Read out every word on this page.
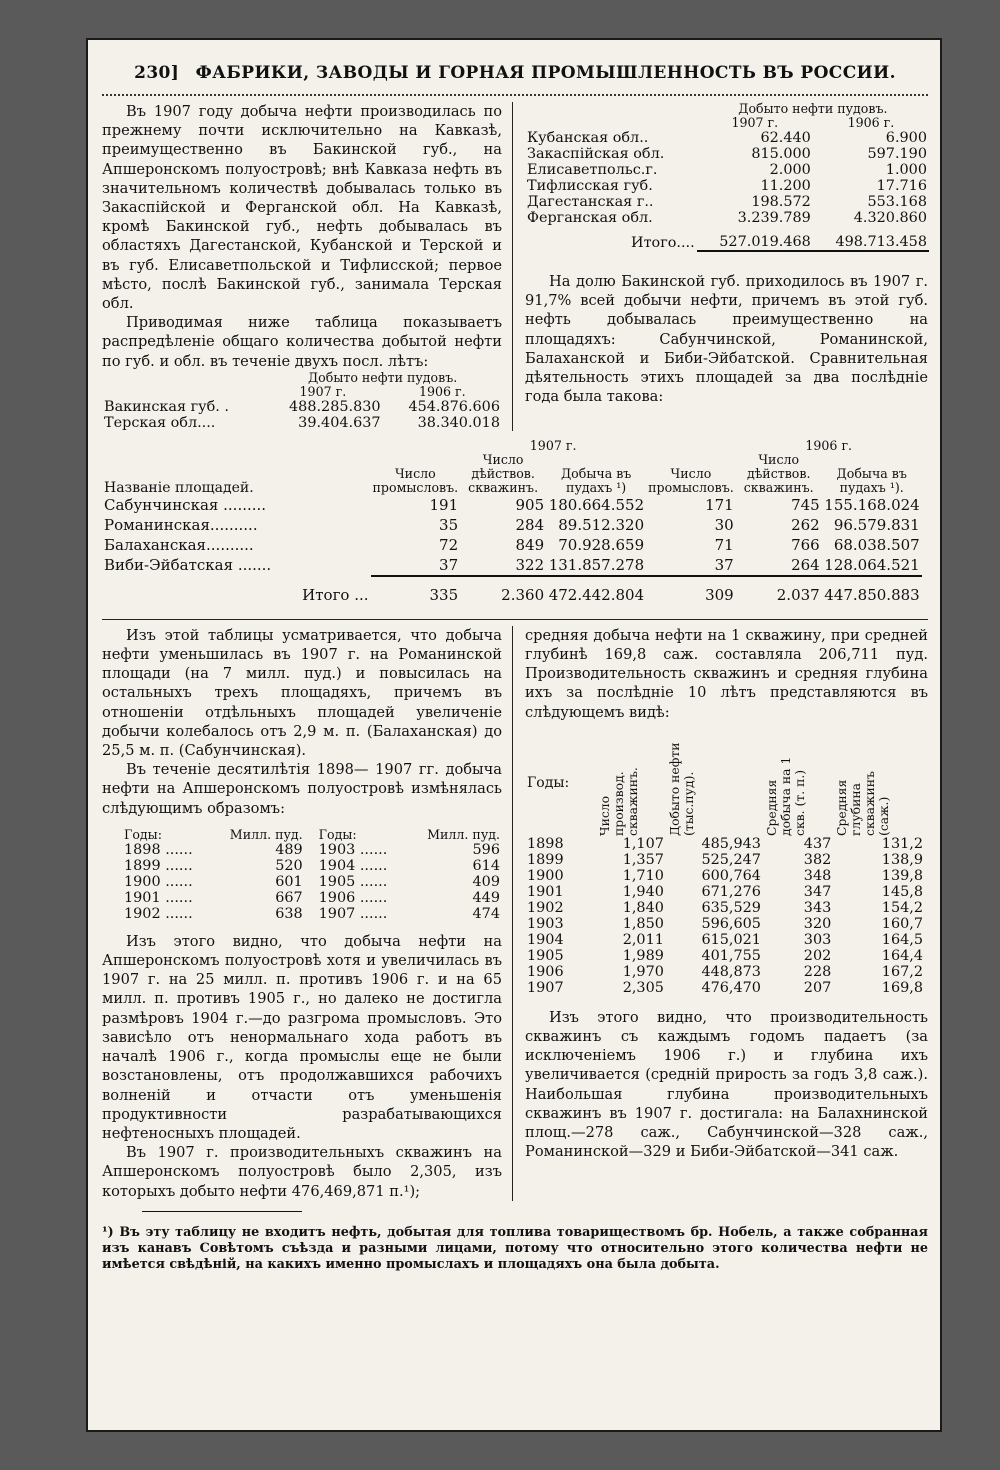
230] ФАБРИКИ, ЗАВОДЫ И ГОРНАЯ ПРОМЫШЛЕННОСТЬ ВЪ РОССИИ.

Въ 1907 году добыча нефти производилась по прежнему почти исключительно на Кавказѣ, преимущественно въ Бакинской губ., на Апшеронскомъ полуостровѣ; внѣ Кавказа нефть въ значительномъ количествѣ добывалась только въ Закаспійской и Ферганской обл. На Кавказѣ, кромѣ Бакинской губ., нефть добывалась въ областяхъ Дагестанской, Кубанской и Терской и въ губ. Елисаветпольской и Тифлисской; первое мѣсто, послѣ Бакинской губ., занимала Терская обл.

Приводимая ниже таблица показываетъ распредѣленіе общаго количества добытой нефти по губ. и обл. въ теченіе двухъ посл. лѣтъ:

	Добыто нефти пудовъ.	
	1907 г.	1906 г.
Вакинская губ. .	488.285.830	454.876.606
Терская обл....	39.404.637	38.340.018
	Добыто нефти пудовъ.	
	1907 г.	1906 г.
Кубанская обл..	62.440	6.900
Закаспійская обл.	815.000	597.190
Елисаветпольс.г.	2.000	1.000
Тифлисская губ.	11.200	17.716
Дагестанская г..	198.572	553.168
Ферганская обл.	3.239.789	4.320.860

Итого....	527.019.468	498.713.458

На долю Бакинской губ. приходилось въ 1907 г. 91,7% всей добычи нефти, причемъ въ этой губ. нефть добывалась преимущественно на площадяхъ: Сабунчинской, Романинской, Балаханской и Биби-Эйбатской. Сравнительная дѣятельность этихъ площадей за два послѣдніе года была такова:

		1907 г.			1906 г.		
Названіе площадей.	Число промысловъ.	Число дѣйствов. скважинъ.	Добыча въ пудахъ ¹)	Число промысловъ.	Число дѣйствов. скважинъ.	Добыча въ пудахъ ¹).	
Сабунчинская .........	191	905	180.664.552	171	745	155.168.024	
Романинская..........	35	284	89.512.320	30	262	96.579.831	
Балаханская..........	72	849	70.928.659	71	766	68.038.507	
Виби-Эйбатская .......	37	322	131.857.278	37	264	128.064.521	

Итого ...	335	2.360	472.442.804	309	2.037	447.850.883	

Изъ этой таблицы усматривается, что добыча нефти уменьшилась въ 1907 г. на Романинской площади (на 7 милл. пуд.) и повысилась на остальныхъ трехъ площадяхъ, причемъ въ отношеніи отдѣльныхъ площадей увеличеніе добычи колебалось отъ 2,9 м. п. (Балаханская) до 25,5 м. п. (Сабунчинская).

Въ теченіе десятилѣтія 1898— 1907 гг. добыча нефти на Апшеронскомъ полуостровѣ измѣнялась слѣдующимъ образомъ:

Годы:	Милл. пуд.	Годы:	Милл. пуд.
1898 ......	489	1903 ......	596
1899 ......	520	1904 ......	614
1900 ......	601	1905 ......	409
1901 ......	667	1906 ......	449
1902 ......	638	1907 ......	474

Изъ этого видно, что добыча нефти на Апшеронскомъ полуостровѣ хотя и увеличилась въ 1907 г. на 25 милл. п. противъ 1906 г. и на 65 милл. п. противъ 1905 г., но далеко не достигла размѣровъ 1904 г.—до разгрома промысловъ. Это зависѣло отъ ненормальнаго хода работъ въ началѣ 1906 г., когда промыслы еще не были возстановлены, отъ продолжавшихся рабочихъ волненій и отчасти отъ уменьшенія продуктивности разрабатывающихся нефтеносныхъ площадей.

Въ 1907 г. производительныхъ скважинъ на Апшеронскомъ полуостровѣ было 2,305, изъ которыхъ добыто нефти 476,469,871 п.¹);

средняя добыча нефти на 1 скважину, при средней глубинѣ 169,8 саж. составляла 206,711 пуд. Производительность скважинъ и средняя глубина ихъ за послѣдніе 10 лѣтъ представляются въ слѣдующемъ видѣ:

Годы:	Число производ. скважинъ.	Добыто нефти (тыс.пуд).	Средняя добыча на 1 скв. (т. п.)	Средняя глубина скважинъ (саж.)

1898	1,107	485,943	437	131,2
1899	1,357	525,247	382	138,9
1900	1,710	600,764	348	139,8
1901	1,940	671,276	347	145,8
1902	1,840	635,529	343	154,2
1903	1,850	596,605	320	160,7
1904	2,011	615,021	303	164,5
1905	1,989	401,755	202	164,4
1906	1,970	448,873	228	167,2
1907	2,305	476,470	207	169,8

Изъ этого видно, что производительность скважинъ съ каждымъ годомъ падаетъ (за исключеніемъ 1906 г.) и глубина ихъ увеличивается (средній прирость за годъ 3,8 саж.). Наибольшая глубина производительныхъ скважинъ въ 1907 г. достигала: на Балахнинской площ.—278 саж., Сабунчинской—328 саж., Романинской—329 и Биби-Эйбатской—341 саж.

¹) Въ эту таблицу не входитъ нефть, добытая для топлива товариществомъ бр. Нобель, а также собранная изъ канавъ Совѣтомъ съѣзда и разными лицами, потому что относительно этого количества нефти не имѣется свѣдѣній, на какихъ именно промыслахъ и площадяхъ она была добыта.
